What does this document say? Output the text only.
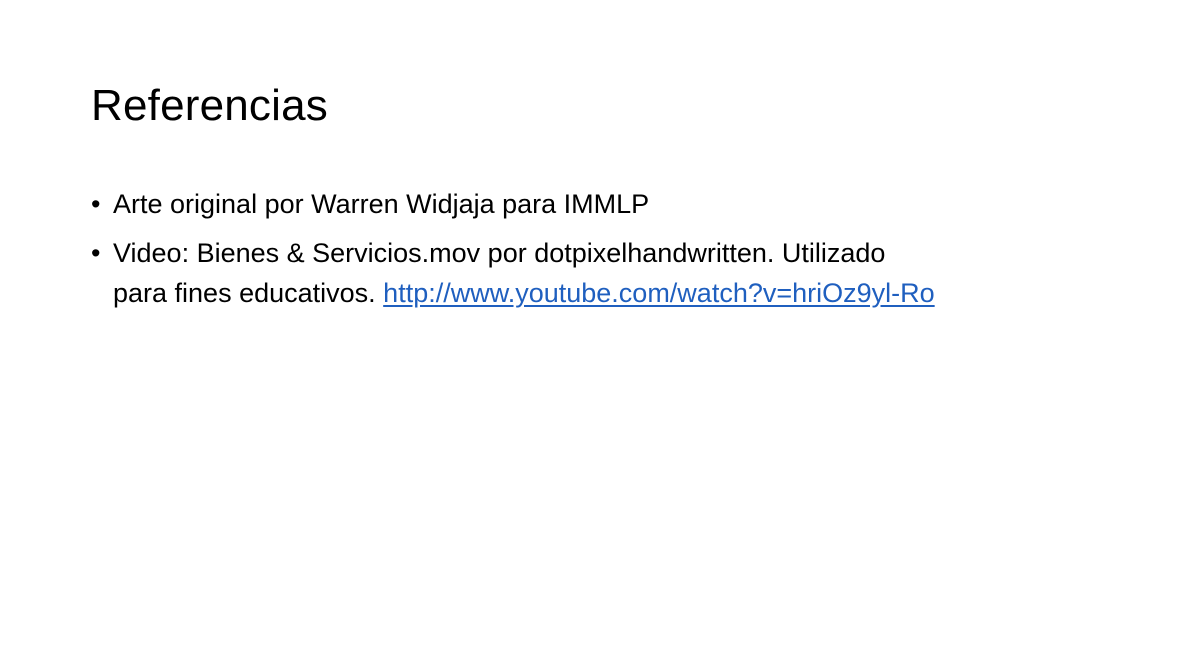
Referencias
• Arte original por Warren Widjaja para IMMLP
• Video: Bienes & Servicios.mov por dotpixelhandwritten. Utilizado
para fines educativos. http://www.youtube.com/watch?v=hriOz9yl-Ro
